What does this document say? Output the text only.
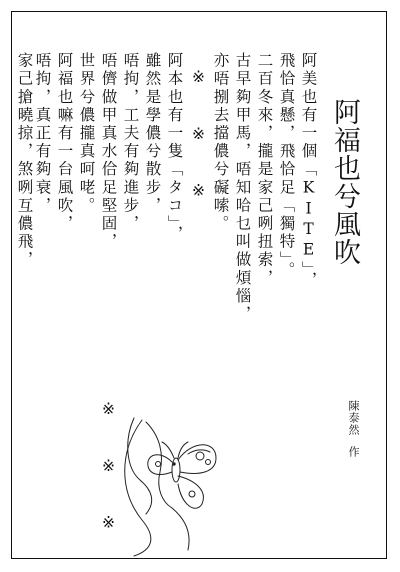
阿福也兮風吹
陳泰然作
阿美也有一個「KITE」，
飛恰真懸，飛恰足「獨特」。
二百冬來，攏是家己咧扭索，
古早夠甲馬，唔知哈乜叫做煩惱，
亦唔捌去擋儂兮礙嗦。
※　　※　　※
阿本也有一隻「タコ」，
雖然是學儂兮散步，
唔拘，工夫有夠進步，
唔儕做甲真水佮足堅固，
世界兮儂攏真呵咾。
※　　※　　※
阿福也嘛有一台風吹，
唔拘，真正有夠衰，
家己搶曉掠，煞咧互儂飛，
